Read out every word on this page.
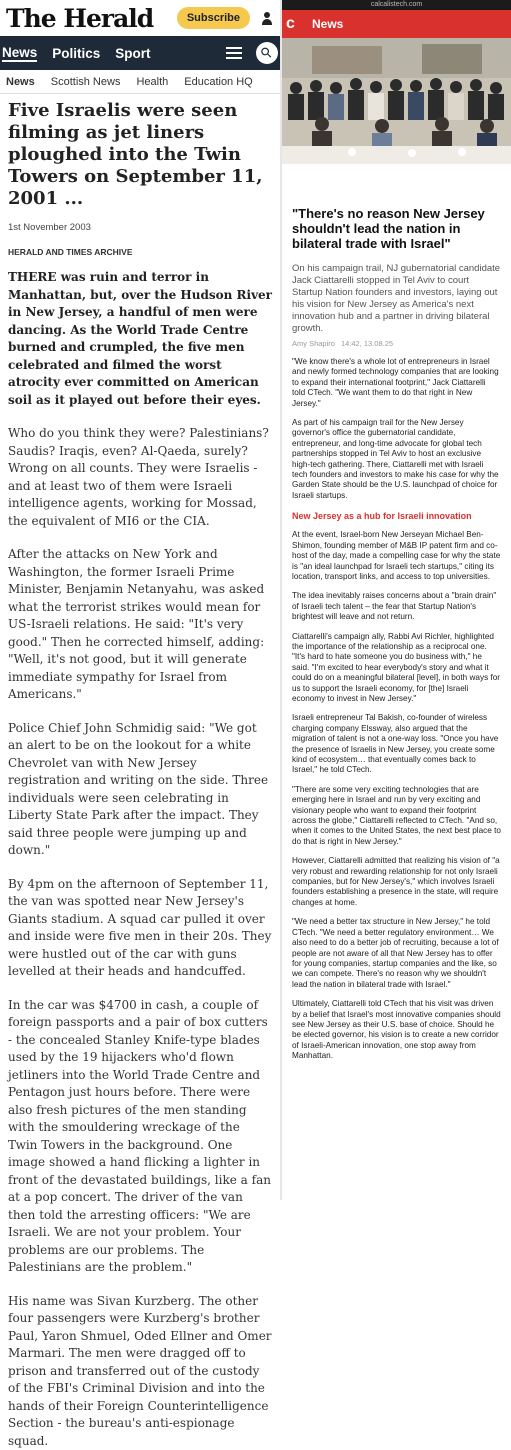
The Herald	Subscribe
News Politics Sport
⚲
News Scottish News Health Education HQ
Five Israelis were seen filming as jet liners ploughed into the Twin Towers on September 11, 2001 ...
1st November 2003
HERALD AND TIMES ARCHIVE

THERE was ruin and terror in Manhattan, but, over the Hudson River in New Jersey, a handful of men were dancing. As the World Trade Centre burned and crumpled, the five men celebrated and filmed the worst atrocity ever committed on American soil as it played out before their eyes.

Who do you think they were? Palestinians? Saudis? Iraqis, even? Al-Qaeda, surely? Wrong on all counts. They were Israelis - and at least two of them were Israeli intelligence agents, working for Mossad, the equivalent of MI6 or the CIA.

After the attacks on New York and Washington, the former Israeli Prime Minister, Benjamin Netanyahu, was asked what the terrorist strikes would mean for US-Israeli relations. He said: "It's very good." Then he corrected himself, adding: "Well, it's not good, but it will generate immediate sympathy for Israel from Americans."

Police Chief John Schmidig said: "We got an alert to be on the lookout for a white Chevrolet van with New Jersey registration and writing on the side. Three individuals were seen celebrating in Liberty State Park after the impact. They said three people were jumping up and down."

By 4pm on the afternoon of September 11, the van was spotted near New Jersey's Giants stadium. A squad car pulled it over and inside were five men in their 20s. They were hustled out of the car with guns levelled at their heads and handcuffed.

In the car was $4700 in cash, a couple of foreign passports and a pair of box cutters - the concealed Stanley Knife-type blades used by the 19 hijackers who'd flown jetliners into the World Trade Centre and Pentagon just hours before. There were also fresh pictures of the men standing with the smouldering wreckage of the Twin Towers in the background. One image showed a hand flicking a lighter in front of the devastated buildings, like a fan at a pop concert. The driver of the van then told the arresting officers: "We are Israeli. We are not your problem. Your problems are our problems. The Palestinians are the problem."

His name was Sivan Kurzberg. The other four passengers were Kurzberg's brother Paul, Yaron Shmuel, Oded Ellner and Omer Marmari. The men were dragged off to prison and transferred out of the custody of the FBI's Criminal Division and into the hands of their Foreign Counterintelligence Section - the bureau's anti-espionage squad.

calcalistech.com
c News
"There's no reason New Jersey shouldn't lead the nation in bilateral trade with Israel"

On his campaign trail, NJ gubernatorial candidate Jack Ciattarelli stopped in Tel Aviv to court Startup Nation founders and investors, laying out his vision for New Jersey as America's next innovation hub and a partner in driving bilateral growth.

Amy Shapiro 14:42, 13.08.25

"We know there's a whole lot of entrepreneurs in Israel and newly formed technology companies that are looking to expand their international footprint," Jack Ciattarelli told CTech. "We want them to do that right in New Jersey."

As part of his campaign trail for the New Jersey governor's office the gubernatorial candidate, entrepreneur, and long-time advocate for global tech partnerships stopped in Tel Aviv to host an exclusive high-tech gathering. There, Ciattarelli met with Israeli tech founders and investors to make his case for why the Garden State should be the U.S. launchpad of choice for Israeli startups.

New Jersey as a hub for Israeli innovation

At the event, Israel-born New Jerseyan Michael Ben-Shimon, founding member of M&B IP patent firm and co-host of the day, made a compelling case for why the state is "an ideal launchpad for Israeli tech startups," citing its location, transport links, and access to top universities.

The idea inevitably raises concerns about a "brain drain" of Israeli tech talent – the fear that Startup Nation's brightest will leave and not return.

Ciattarelli's campaign ally, Rabbi Avi Richler, highlighted the importance of the relationship as a reciprocal one. "It's hard to hate someone you do business with," he said. "I'm excited to hear everybody's story and what it could do on a meaningful bilateral [level], in both ways for us to support the Israeli economy, for [the] Israeli economy to invest in New Jersey."

Israeli entrepreneur Tal Bakish, co-founder of wireless charging company Elssway, also argued that the migration of talent is not a one-way loss. "Once you have the presence of Israelis in New Jersey, you create some kind of ecosystem… that eventually comes back to Israel," he told CTech.

"There are some very exciting technologies that are emerging here in Israel and run by very exciting and visionary people who want to expand their footprint across the globe," Ciattarelli reflected to CTech. "And so, when it comes to the United States, the next best place to do that is right in New Jersey."

However, Ciattarelli admitted that realizing his vision of "a very robust and rewarding relationship for not only Israeli companies, but for New Jersey's," which involves Israeli founders establishing a presence in the state, will require changes at home.

"We need a better tax structure in New Jersey," he told CTech. "We need a better regulatory environment… We also need to do a better job of recruiting, because a lot of people are not aware of all that New Jersey has to offer for young companies, startup companies and the like, so we can compete. There's no reason why we shouldn't lead the nation in bilateral trade with Israel."

Ultimately, Ciattarelli told CTech that his visit was driven by a belief that Israel's most innovative companies should see New Jersey as their U.S. base of choice. Should he be elected governor, his vision is to create a new corridor of Israeli-American innovation, one stop away from Manhattan.
